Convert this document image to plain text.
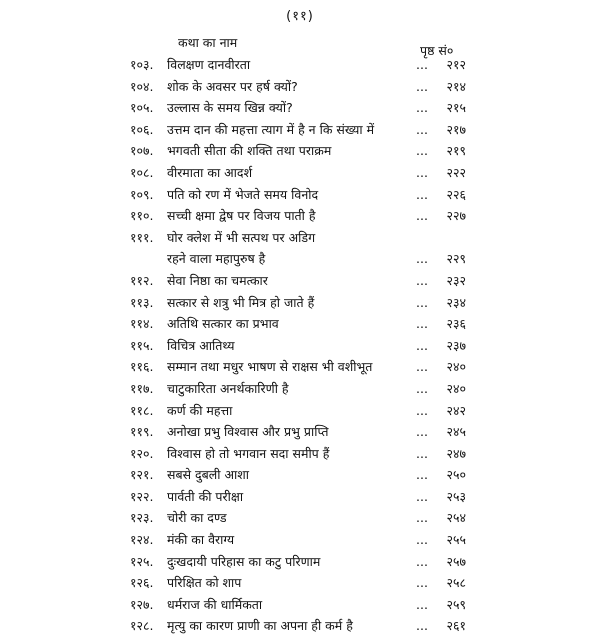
(११)
कथा का नाम
पृष्ठ सं०
१०३. विलक्षण दानवीरता	...	२१२
१०४. शोक के अवसर पर हर्ष क्यों?	...	२१४
१०५. उल्लास के समय खिन्न क्यों?	...	२१५
१०६. उत्तम दान की महत्ता त्याग में है न कि संख्या में	...	२१७
१०७. भगवती सीता की शक्ति तथा पराक्रम	...	२१९
१०८. वीरमाता का आदर्श	...	२२२
१०९. पति को रण में भेजते समय विनोद	...	२२६
११०. सच्ची क्षमा द्वेष पर विजय पाती है	...	२२७
१११. घोर क्लेश में भी सत्पथ पर अडिग
रहने वाला महापुरुष है	...	२२९
११२. सेवा निष्ठा का चमत्कार	...	२३२
११३. सत्कार से शत्रु भी मित्र हो जाते हैं	...	२३४
११४. अतिथि सत्कार का प्रभाव	...	२३६
११५. विचित्र आतिथ्य	...	२३७
११६. सम्मान तथा मधुर भाषण से राक्षस भी वशीभूत	...	२४०
११७. चाटुकारिता अनर्थकारिणी है	...	२४०
११८. कर्ण की महत्ता	...	२४२
११९. अनोखा प्रभु विश्वास और प्रभु प्राप्ति	...	२४५
१२०. विश्वास हो तो भगवान सदा समीप हैं	...	२४७
१२१. सबसे दुबली आशा	...	२५०
१२२. पार्वती की परीक्षा	...	२५३
१२३. चोरी का दण्ड	...	२५४
१२४. मंकी का वैराग्य	...	२५५
१२५. दुःखदायी परिहास का कटु परिणाम	...	२५७
१२६. परिक्षित को शाप	...	२५८
१२७. धर्मराज की धार्मिकता	...	२५९
१२८. मृत्यु का कारण प्राणी का अपना ही कर्म है	...	२६१
